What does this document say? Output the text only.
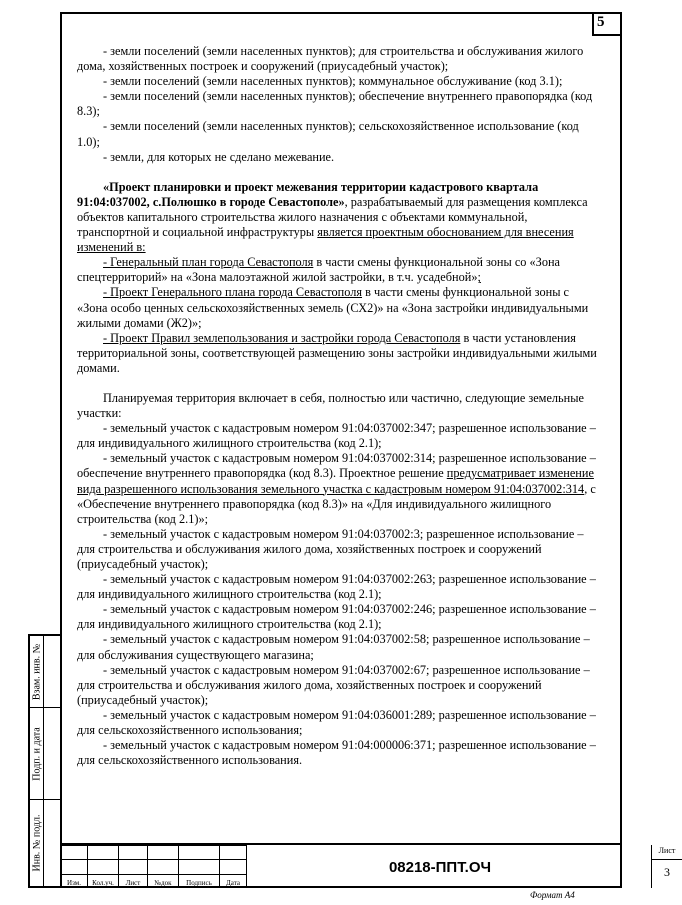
5

- земли поселений (земли населенных пунктов); для строительства и обслуживания жилого дома, хозяйственных построек и сооружений (приусадебный участок);

- земли поселений (земли населенных пунктов); коммунальное обслуживание (код 3.1);

- земли поселений (земли населенных пунктов); обеспечение внутреннего правопорядка (код 8.3);

- земли поселений (земли населенных пунктов); сельскохозяйственное использование (код 1.0);

- земли, для которых не сделано межевание.

«Проект планировки и проект межевания территории кадастрового квартала 91:04:037002, с.Полюшко в городе Севастополе», разрабатываемый для размещения комплекса объектов капитального строительства жилого назначения с объектами коммунальной, транспортной и социальной инфраструктуры является проектным обоснованием для внесения изменений в:

- Генеральный план города Севастополя в части смены функциональной зоны со «Зона спецтерриторий» на «Зона малоэтажной жилой застройки, в т.ч. усадебной»;

- Проект Генерального плана города Севастополя в части смены функциональной зоны с «Зона особо ценных сельскохозяйственных земель (СХ2)» на «Зона застройки индивидуальными жилыми домами (Ж2)»;

- Проект Правил землепользования и застройки города Севастополя в части установления территориальной зоны, соответствующей размещению зоны застройки индивидуальными жилыми домами.

Планируемая территория включает в себя, полностью или частично, следующие земельные участки:

- земельный участок с кадастровым номером 91:04:037002:347; разрешенное использование – для индивидуального жилищного строительства (код 2.1);

- земельный участок с кадастровым номером 91:04:037002:314; разрешенное использование – обеспечение внутреннего правопорядка (код 8.3). Проектное решение предусматривает изменение вида разрешенного использования земельного участка с кадастровым номером 91:04:037002:314, с «Обеспечение внутреннего правопорядка (код 8.3)» на «Для индивидуального жилищного строительства (код 2.1)»;

- земельный участок с кадастровым номером 91:04:037002:3; разрешенное использование – для строительства и обслуживания жилого дома, хозяйственных построек и сооружений (приусадебный участок);

- земельный участок с кадастровым номером 91:04:037002:263; разрешенное использование – для индивидуального жилищного строительства (код 2.1);

- земельный участок с кадастровым номером 91:04:037002:246; разрешенное использование – для индивидуального жилищного строительства (код 2.1);

- земельный участок с кадастровым номером 91:04:037002:58; разрешенное использование – для обслуживания существующего магазина;

- земельный участок с кадастровым номером 91:04:037002:67; разрешенное использование – для строительства и обслуживания жилого дома, хозяйственных построек и сооружений (приусадебный участок);

- земельный участок с кадастровым номером 91:04:036001:289; разрешенное использование – для сельскохозяйственного использования;

- земельный участок с кадастровым номером 91:04:000006:371; разрешенное использование – для сельскохозяйственного использования.

Взам. инв. №
Подп. и дата
Инв. № подл.

Изм.	Кол.уч.	Лист	№док	Подпись	Дата
08218-ППТ.ОЧ
Лист
3
Формат А4
